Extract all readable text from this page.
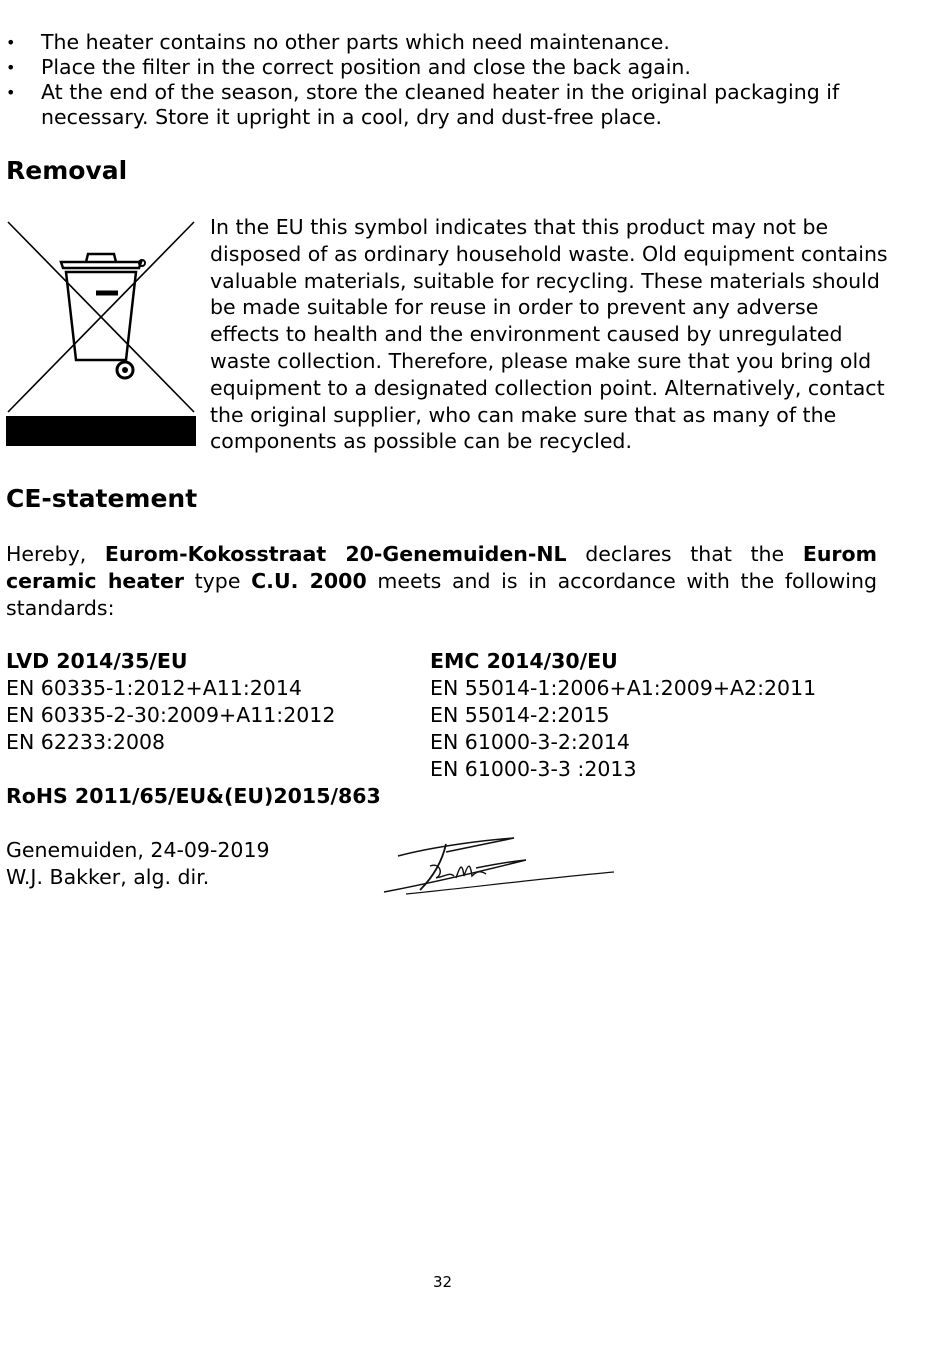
• The heater contains no other parts which need maintenance.
• Place the filter in the correct position and close the back again.
• At the end of the season, store the cleaned heater in the original packaging if necessary. Store it upright in a cool, dry and dust-free place.
Removal

In the EU this symbol indicates that this product may not be disposed of as ordinary household waste. Old equipment contains valuable materials, suitable for recycling. These materials should be made suitable for reuse in order to prevent any adverse effects to health and the environment caused by unregulated waste collection. Therefore, please make sure that you bring old equipment to a designated collection point. Alternatively, contact the original supplier, who can make sure that as many of the components as possible can be recycled.

CE-statement

Hereby, Eurom-Kokosstraat 20-Genemuiden-NL declares that the Eurom ceramic heater type C.U. 2000 meets and is in accordance with the following standards:

LVD 2014/35/EU
EN 60335-1:2012+A11:2014
EN 60335-2-30:2009+A11:2012
EN 62233:2008
EMC 2014/30/EU
EN 55014-1:2006+A1:2009+A2:2011
EN 55014-2:2015
EN 61000-3-2:2014
EN 61000-3-3 :2013

RoHS 2011/65/EU&(EU)2015/863

Genemuiden, 24-09-2019
W.J. Bakker, alg. dir.
32
